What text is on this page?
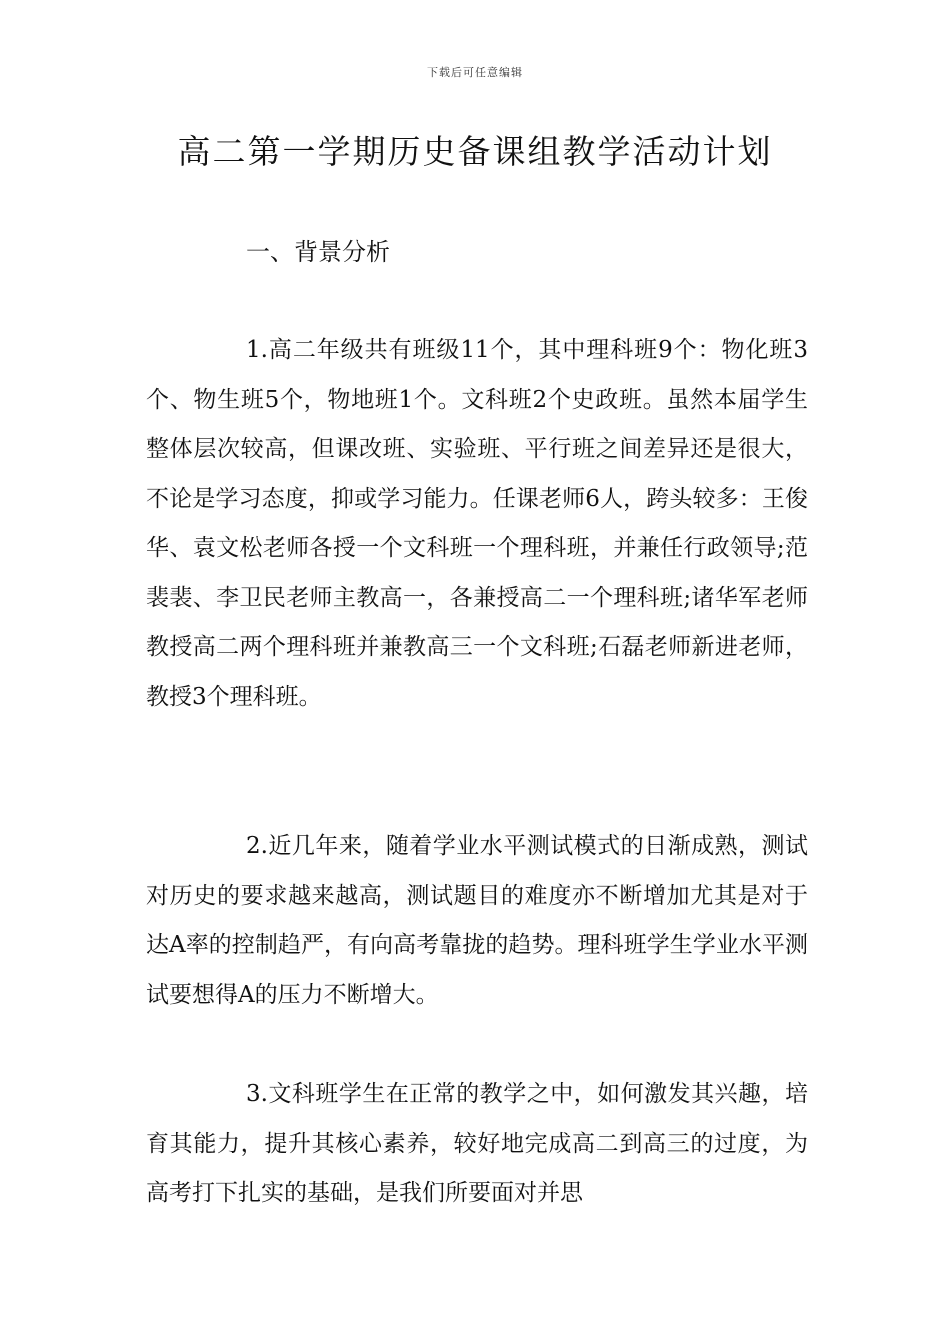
下载后可任意编辑
高二第一学期历史备课组教学活动计划
一、背景分析

1.高二年级共有班级11个，其中理科班9个：物化班3个、物生班5个，物地班1个。文科班2个史政班。虽然本届学生整体层次较高，但课改班、实验班、平行班之间差异还是很大，不论是学习态度，抑或学习能力。任课老师6人，跨头较多：王俊华、袁文松老师各授一个文科班一个理科班，并兼任行政领导;范裴裴、李卫民老师主教高一，各兼授高二一个理科班;诸华军老师教授高二两个理科班并兼教高三一个文科班;石磊老师新进老师，教授3个理科班。

2.近几年来，随着学业水平测试模式的日渐成熟，测试对历史的要求越来越高，测试题目的难度亦不断增加尤其是对于达A率的控制趋严，有向高考靠拢的趋势。理科班学生学业水平测试要想得A的压力不断增大。

3.文科班学生在正常的教学之中，如何激发其兴趣，培育其能力，提升其核心素养，较好地完成高二到高三的过度，为高考打下扎实的基础，是我们所要面对并思
